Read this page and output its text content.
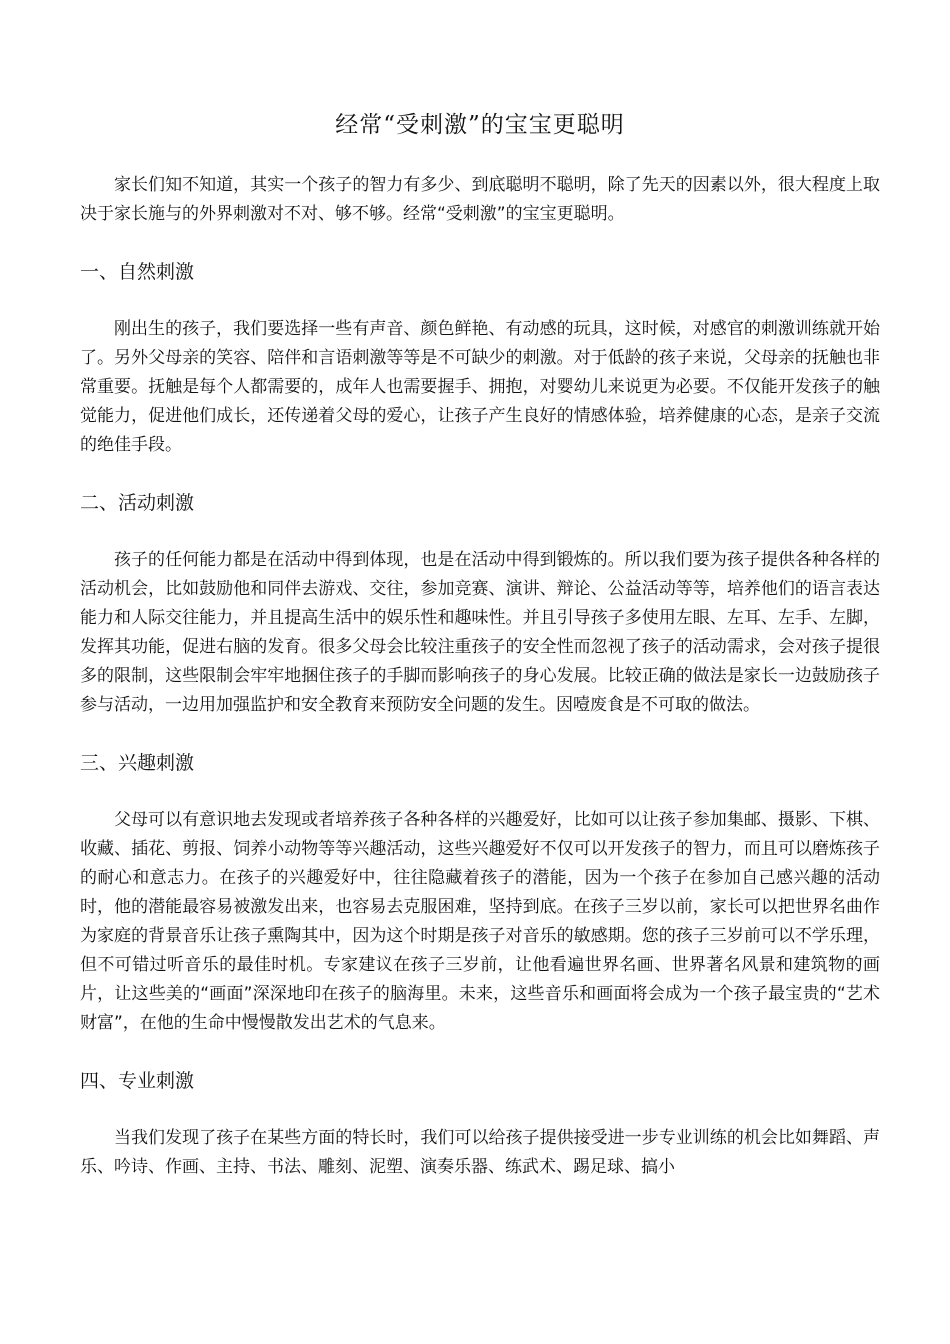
经常“受刺激”的宝宝更聪明

家长们知不知道，其实一个孩子的智力有多少、到底聪明不聪明，除了先天的因素以外，很大程度上取决于家长施与的外界刺激对不对、够不够。经常“受刺激”的宝宝更聪明。

一、自然刺激

刚出生的孩子，我们要选择一些有声音、颜色鲜艳、有动感的玩具，这时候，对感官的刺激训练就开始了。另外父母亲的笑容、陪伴和言语刺激等等是不可缺少的刺激。对于低龄的孩子来说，父母亲的抚触也非常重要。抚触是每个人都需要的，成年人也需要握手、拥抱，对婴幼儿来说更为必要。不仅能开发孩子的触觉能力，促进他们成长，还传递着父母的爱心，让孩子产生良好的情感体验，培养健康的心态，是亲子交流的绝佳手段。

二、活动刺激

孩子的任何能力都是在活动中得到体现，也是在活动中得到锻炼的。所以我们要为孩子提供各种各样的活动机会，比如鼓励他和同伴去游戏、交往，参加竞赛、演讲、辩论、公益活动等等，培养他们的语言表达能力和人际交往能力，并且提高生活中的娱乐性和趣味性。并且引导孩子多使用左眼、左耳、左手、左脚，发挥其功能，促进右脑的发育。很多父母会比较注重孩子的安全性而忽视了孩子的活动需求，会对孩子提很多的限制，这些限制会牢牢地捆住孩子的手脚而影响孩子的身心发展。比较正确的做法是家长一边鼓励孩子参与活动，一边用加强监护和安全教育来预防安全问题的发生。因噎废食是不可取的做法。

三、兴趣刺激

父母可以有意识地去发现或者培养孩子各种各样的兴趣爱好，比如可以让孩子参加集邮、摄影、下棋、收藏、插花、剪报、饲养小动物等等兴趣活动，这些兴趣爱好不仅可以开发孩子的智力，而且可以磨炼孩子的耐心和意志力。在孩子的兴趣爱好中，往往隐藏着孩子的潜能，因为一个孩子在参加自己感兴趣的活动时，他的潜能最容易被激发出来，也容易去克服困难，坚持到底。在孩子三岁以前，家长可以把世界名曲作为家庭的背景音乐让孩子熏陶其中，因为这个时期是孩子对音乐的敏感期。您的孩子三岁前可以不学乐理，但不可错过听音乐的最佳时机。专家建议在孩子三岁前，让他看遍世界名画、世界著名风景和建筑物的画片，让这些美的“画面”深深地印在孩子的脑海里。未来，这些音乐和画面将会成为一个孩子最宝贵的“艺术财富”，在他的生命中慢慢散发出艺术的气息来。

四、专业刺激

当我们发现了孩子在某些方面的特长时，我们可以给孩子提供接受进一步专业训练的机会比如舞蹈、声乐、吟诗、作画、主持、书法、雕刻、泥塑、演奏乐器、练武术、踢足球、搞小
